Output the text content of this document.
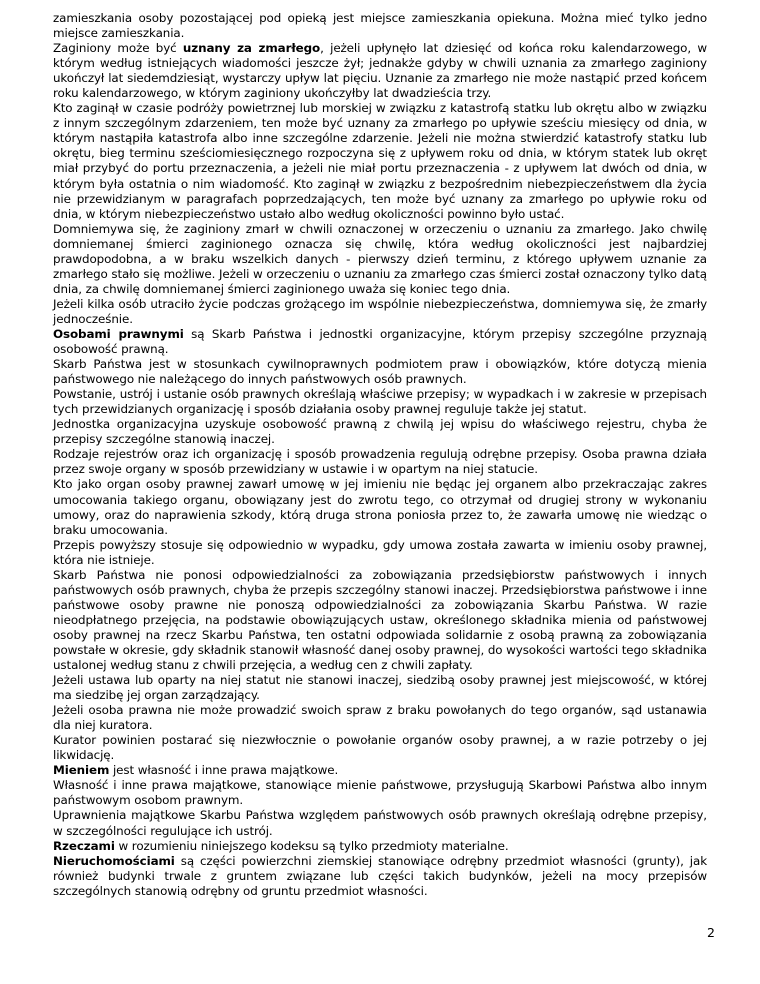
zamieszkania osoby pozostającej pod opieką jest miejsce zamieszkania opiekuna. Można mieć tylko jedno miejsce zamieszkania.

Zaginiony może być uznany za zmarłego, jeżeli upłynęło lat dziesięć od końca roku kalendarzowego, w którym według istniejących wiadomości jeszcze żył; jednakże gdyby w chwili uznania za zmarłego zaginiony ukończył lat siedemdziesiąt, wystarczy upływ lat pięciu. Uznanie za zmarłego nie może nastąpić przed końcem roku kalendarzowego, w którym zaginiony ukończyłby lat dwadzieścia trzy.

Kto zaginął w czasie podróży powietrznej lub morskiej w związku z katastrofą statku lub okrętu albo w związku z innym szczególnym zdarzeniem, ten może być uznany za zmarłego po upływie sześciu miesięcy od dnia, w którym nastąpiła katastrofa albo inne szczególne zdarzenie. Jeżeli nie można stwierdzić katastrofy statku lub okrętu, bieg terminu sześciomiesięcznego rozpoczyna się z upływem roku od dnia, w którym statek lub okręt miał przybyć do portu przeznaczenia, a jeżeli nie miał portu przeznaczenia - z upływem lat dwóch od dnia, w którym była ostatnia o nim wiadomość. Kto zaginął w związku z bezpośrednim niebezpieczeństwem dla życia nie przewidzianym w paragrafach poprzedzających, ten może być uznany za zmarłego po upływie roku od dnia, w którym niebezpieczeństwo ustało albo według okoliczności powinno było ustać.

Domniemywa się, że zaginiony zmarł w chwili oznaczonej w orzeczeniu o uznaniu za zmarłego. Jako chwilę domniemanej śmierci zaginionego oznacza się chwilę, która według okoliczności jest najbardziej prawdopodobna, a w braku wszelkich danych - pierwszy dzień terminu, z którego upływem uznanie za zmarłego stało się możliwe. Jeżeli w orzeczeniu o uznaniu za zmarłego czas śmierci został oznaczony tylko datą dnia, za chwilę domniemanej śmierci zaginionego uważa się koniec tego dnia.

Jeżeli kilka osób utraciło życie podczas grożącego im wspólnie niebezpieczeństwa, domniemywa się, że zmarły jednocześnie.

Osobami prawnymi są Skarb Państwa i jednostki organizacyjne, którym przepisy szczególne przyznają osobowość prawną.

Skarb Państwa jest w stosunkach cywilnoprawnych podmiotem praw i obowiązków, które dotyczą mienia państwowego nie należącego do innych państwowych osób prawnych.

Powstanie, ustrój i ustanie osób prawnych określają właściwe przepisy; w wypadkach i w zakresie w przepisach tych przewidzianych organizację i sposób działania osoby prawnej reguluje także jej statut.

Jednostka organizacyjna uzyskuje osobowość prawną z chwilą jej wpisu do właściwego rejestru, chyba że przepisy szczególne stanowią inaczej.

Rodzaje rejestrów oraz ich organizację i sposób prowadzenia regulują odrębne przepisy. Osoba prawna działa przez swoje organy w sposób przewidziany w ustawie i w opartym na niej statucie.

Kto jako organ osoby prawnej zawarł umowę w jej imieniu nie będąc jej organem albo przekraczając zakres umocowania takiego organu, obowiązany jest do zwrotu tego, co otrzymał od drugiej strony w wykonaniu umowy, oraz do naprawienia szkody, którą druga strona poniosła przez to, że zawarła umowę nie wiedząc o braku umocowania.

Przepis powyższy stosuje się odpowiednio w wypadku, gdy umowa została zawarta w imieniu osoby prawnej, która nie istnieje.

Skarb Państwa nie ponosi odpowiedzialności za zobowiązania przedsiębiorstw państwowych i innych państwowych osób prawnych, chyba że przepis szczególny stanowi inaczej. Przedsiębiorstwa państwowe i inne państwowe osoby prawne nie ponoszą odpowiedzialności za zobowiązania Skarbu Państwa. W razie nieodpłatnego przejęcia, na podstawie obowiązujących ustaw, określonego składnika mienia od państwowej osoby prawnej na rzecz Skarbu Państwa, ten ostatni odpowiada solidarnie z osobą prawną za zobowiązania powstałe w okresie, gdy składnik stanowił własność danej osoby prawnej, do wysokości wartości tego składnika ustalonej według stanu z chwili przejęcia, a według cen z chwili zapłaty.

Jeżeli ustawa lub oparty na niej statut nie stanowi inaczej, siedzibą osoby prawnej jest miejscowość, w której ma siedzibę jej organ zarządzający.

Jeżeli osoba prawna nie może prowadzić swoich spraw z braku powołanych do tego organów, sąd ustanawia dla niej kuratora.

Kurator powinien postarać się niezwłocznie o powołanie organów osoby prawnej, a w razie potrzeby o jej likwidację.

Mieniem jest własność i inne prawa majątkowe.

Własność i inne prawa majątkowe, stanowiące mienie państwowe, przysługują Skarbowi Państwa albo innym państwowym osobom prawnym.

Uprawnienia majątkowe Skarbu Państwa względem państwowych osób prawnych określają odrębne przepisy, w szczególności regulujące ich ustrój.

Rzeczami w rozumieniu niniejszego kodeksu są tylko przedmioty materialne.

Nieruchomościami są części powierzchni ziemskiej stanowiące odrębny przedmiot własności (grunty), jak również budynki trwale z gruntem związane lub części takich budynków, jeżeli na mocy przepisów szczególnych stanowią odrębny od gruntu przedmiot własności.

2
